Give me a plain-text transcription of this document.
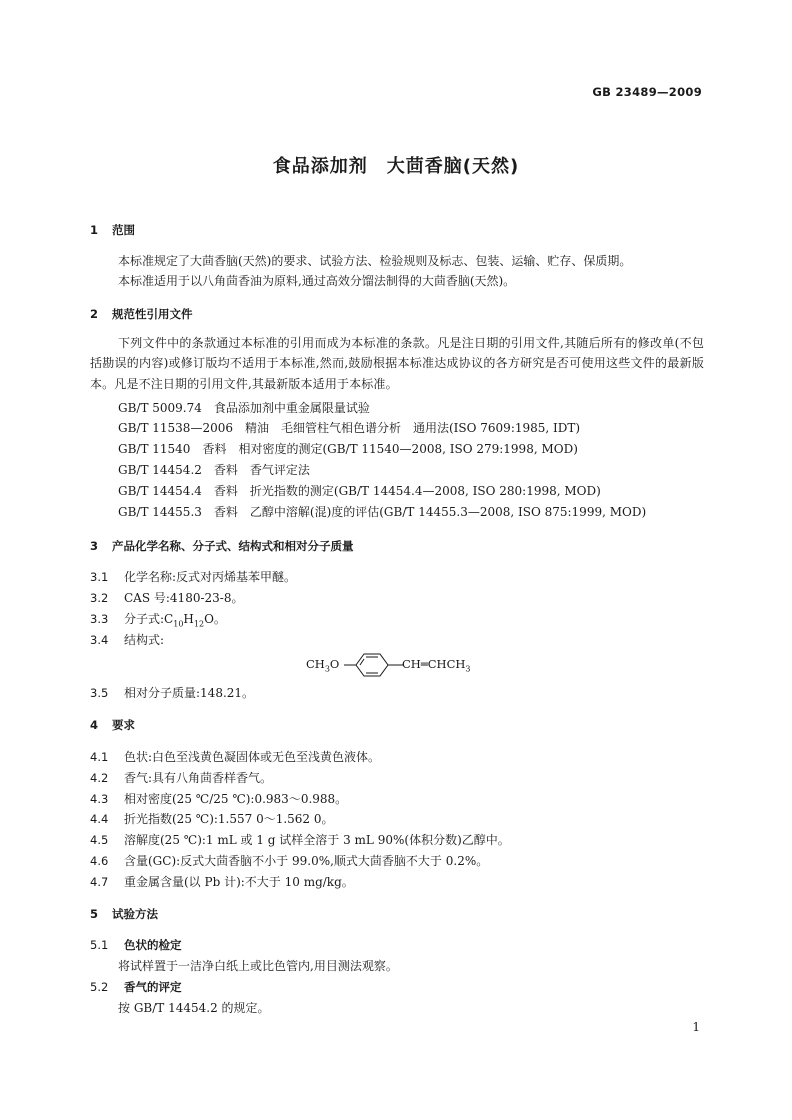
GB 23489—2009
食品添加剂　大茴香脑(天然)
1 范围
本标准规定了大茴香脑(天然)的要求、试验方法、检验规则及标志、包装、运输、贮存、保质期。
本标准适用于以八角茴香油为原料,通过高效分馏法制得的大茴香脑(天然)。
2 规范性引用文件
下列文件中的条款通过本标准的引用而成为本标准的条款。凡是注日期的引用文件,其随后所有的修改单(不包括勘误的内容)或修订版均不适用于本标准,然而,鼓励根据本标准达成协议的各方研究是否可使用这些文件的最新版本。凡是不注日期的引用文件,其最新版本适用于本标准。
GB/T 5009.74　食品添加剂中重金属限量试验
GB/T 11538—2006　精油　毛细管柱气相色谱分析　通用法(ISO 7609:1985, IDT)
GB/T 11540　香料　相对密度的测定(GB/T 11540—2008, ISO 279:1998, MOD)
GB/T 14454.2　香料　香气评定法
GB/T 14454.4　香料　折光指数的测定(GB/T 14454.4—2008, ISO 280:1998, MOD)
GB/T 14455.3　香料　乙醇中溶解(混)度的评估(GB/T 14455.3—2008, ISO 875:1999, MOD)
3 产品化学名称、分子式、结构式和相对分子质量
3.1 化学名称:反式对丙烯基苯甲醚。
3.2 CAS 号:4180-23-8。
3.3 分子式$:C_{10}H_{12}O$。
3.4 结构式:
$CH_3O$	$CH═CHCH_3$
3.5 相对分子质量:148.21。
4 要求
4.1 色状:白色至浅黄色凝固体或无色至浅黄色液体。
4.2 香气:具有八角茴香样香气。
4.3 相对密度(25 ℃/25 ℃):0.983～0.988。
4.4 折光指数(25 ℃):1.557 0～1.562 0。
4.5 溶解度(25 ℃):1 mL 或 1 g 试样全溶于 3 mL 90%(体积分数)乙醇中。
4.6 含量(GC):反式大茴香脑不小于 99.0%,顺式大茴香脑不大于 0.2%。
4.7 重金属含量(以 Pb 计):不大于 10 mg/kg。
5 试验方法
5.1 色状的检定
将试样置于一洁净白纸上或比色管内,用目测法观察。
5.2 香气的评定
按 GB/T 14454.2 的规定。
1
